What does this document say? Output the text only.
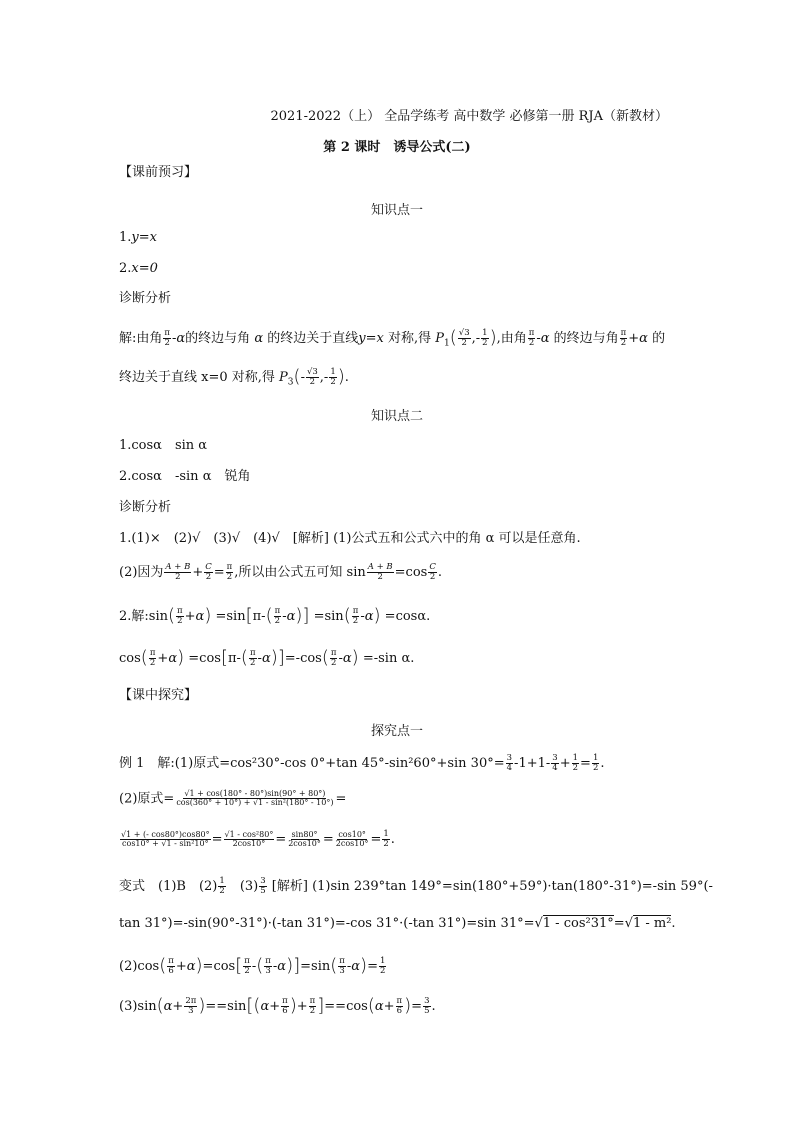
2021-2022（上） 全品学练考 高中数学 必修第一册 RJA（新教材）
第 2 课时　诱导公式(二)
【课前预习】
知识点一
1.y=x
2.x=0
诊断分析
解:由角 $\frac{\pi}{2} -\alpha$的终边与角 α 的终边关于直线y=x 对称,得 $P_1( \frac{√3}{2}$ ,- $\frac{1}{2}$ ),由角 $\frac{\pi}{2} -\alpha$ 的终边与角 $\frac{\pi}{2} +\alpha$ 的
终边关于直线 x=0 对称,得 $P_3(- \frac{√3}{2}$ ,- $\frac{1}{2}$ ).
知识点二
1.cosα　sin α
2.cosα　-sin α　锐角
诊断分析
1.(1)×　(2)√　(3)√　(4)√　[解析] (1)公式五和公式六中的角 α 可以是任意角.
(2)因为 $\frac{A + B}{2} + \frac{C}{2} = \frac{\pi}{2}$ ,所以由公式五可知 $\sin \frac{A + B}{2} =\cos \frac{C}{2}$ .
2.解:sin( $\frac{\pi}{2} +\alpha) =\sin[\pi-( \frac{\pi}{2} -\alpha)] =\sin( \frac{\pi}{2} -\alpha) =\cos\alpha$.
$\cos( \frac{\pi}{2} +\alpha) =\cos[\pi-( \frac{\pi}{2} -\alpha)]=-\cos( \frac{\pi}{2} -\alpha) =-\sin$ α.
【课中探究】
探究点一
例 1　解:(1)原式=cos²30°-cos 0°+tan 45°-sin²60°+sin $30^\circ= \frac{3}{4} -1+1- \frac{3}{4} + \frac{1}{2} = \frac{1}{2}$ .
(2)原式= $\frac{√1 + \cos(180^\circ - 80^\circ)\sin(90^\circ + 80^\circ)}{\text{cos(360° + 10°) + √1 - sin²(180° - 10°)}}$ =
$\frac{√1 + (- \cos 80^\circ)\cos 80^\circ}{\text{cos10° + √1 - sin²10°}} = \frac{\text{√1 - cos²80°}}{2\cos 10^\circ} = \frac{\sin 80^\circ}{2\cos 10^\circ} = \frac{\cos 10^\circ}{2\cos 10^\circ} = \frac{1}{2}$ .
变式　(1)B　$(2) \frac{1}{2}$ 　$(3) \frac{3}{5}$ [解析] (1)sin 239°tan 149°=sin(180°+59°)·tan(180°-31°)=-sin 59°(-
tan 31°)=-sin(90°-31°)·(-tan 31°)=-cos 31°·(-tan 31°)=sin 31°=√1 - cos²31°=√1 - m².
$(2)\cos( \frac{\pi}{6} +\alpha)=\cos[ \frac{\pi}{2}$ -( $\frac{\pi}{3} -\alpha)]=\sin( \frac{\pi}{3} -\alpha)= \frac{1}{2}$
$(3)\sin(\alpha+ \frac{2\pi}{3} )==\sin[(\alpha+ \frac{\pi}{6}$ )+ $\frac{\pi}{2} ]==\cos(\alpha+ \frac{\pi}{6}$ )= $\frac{3}{5}$ .
